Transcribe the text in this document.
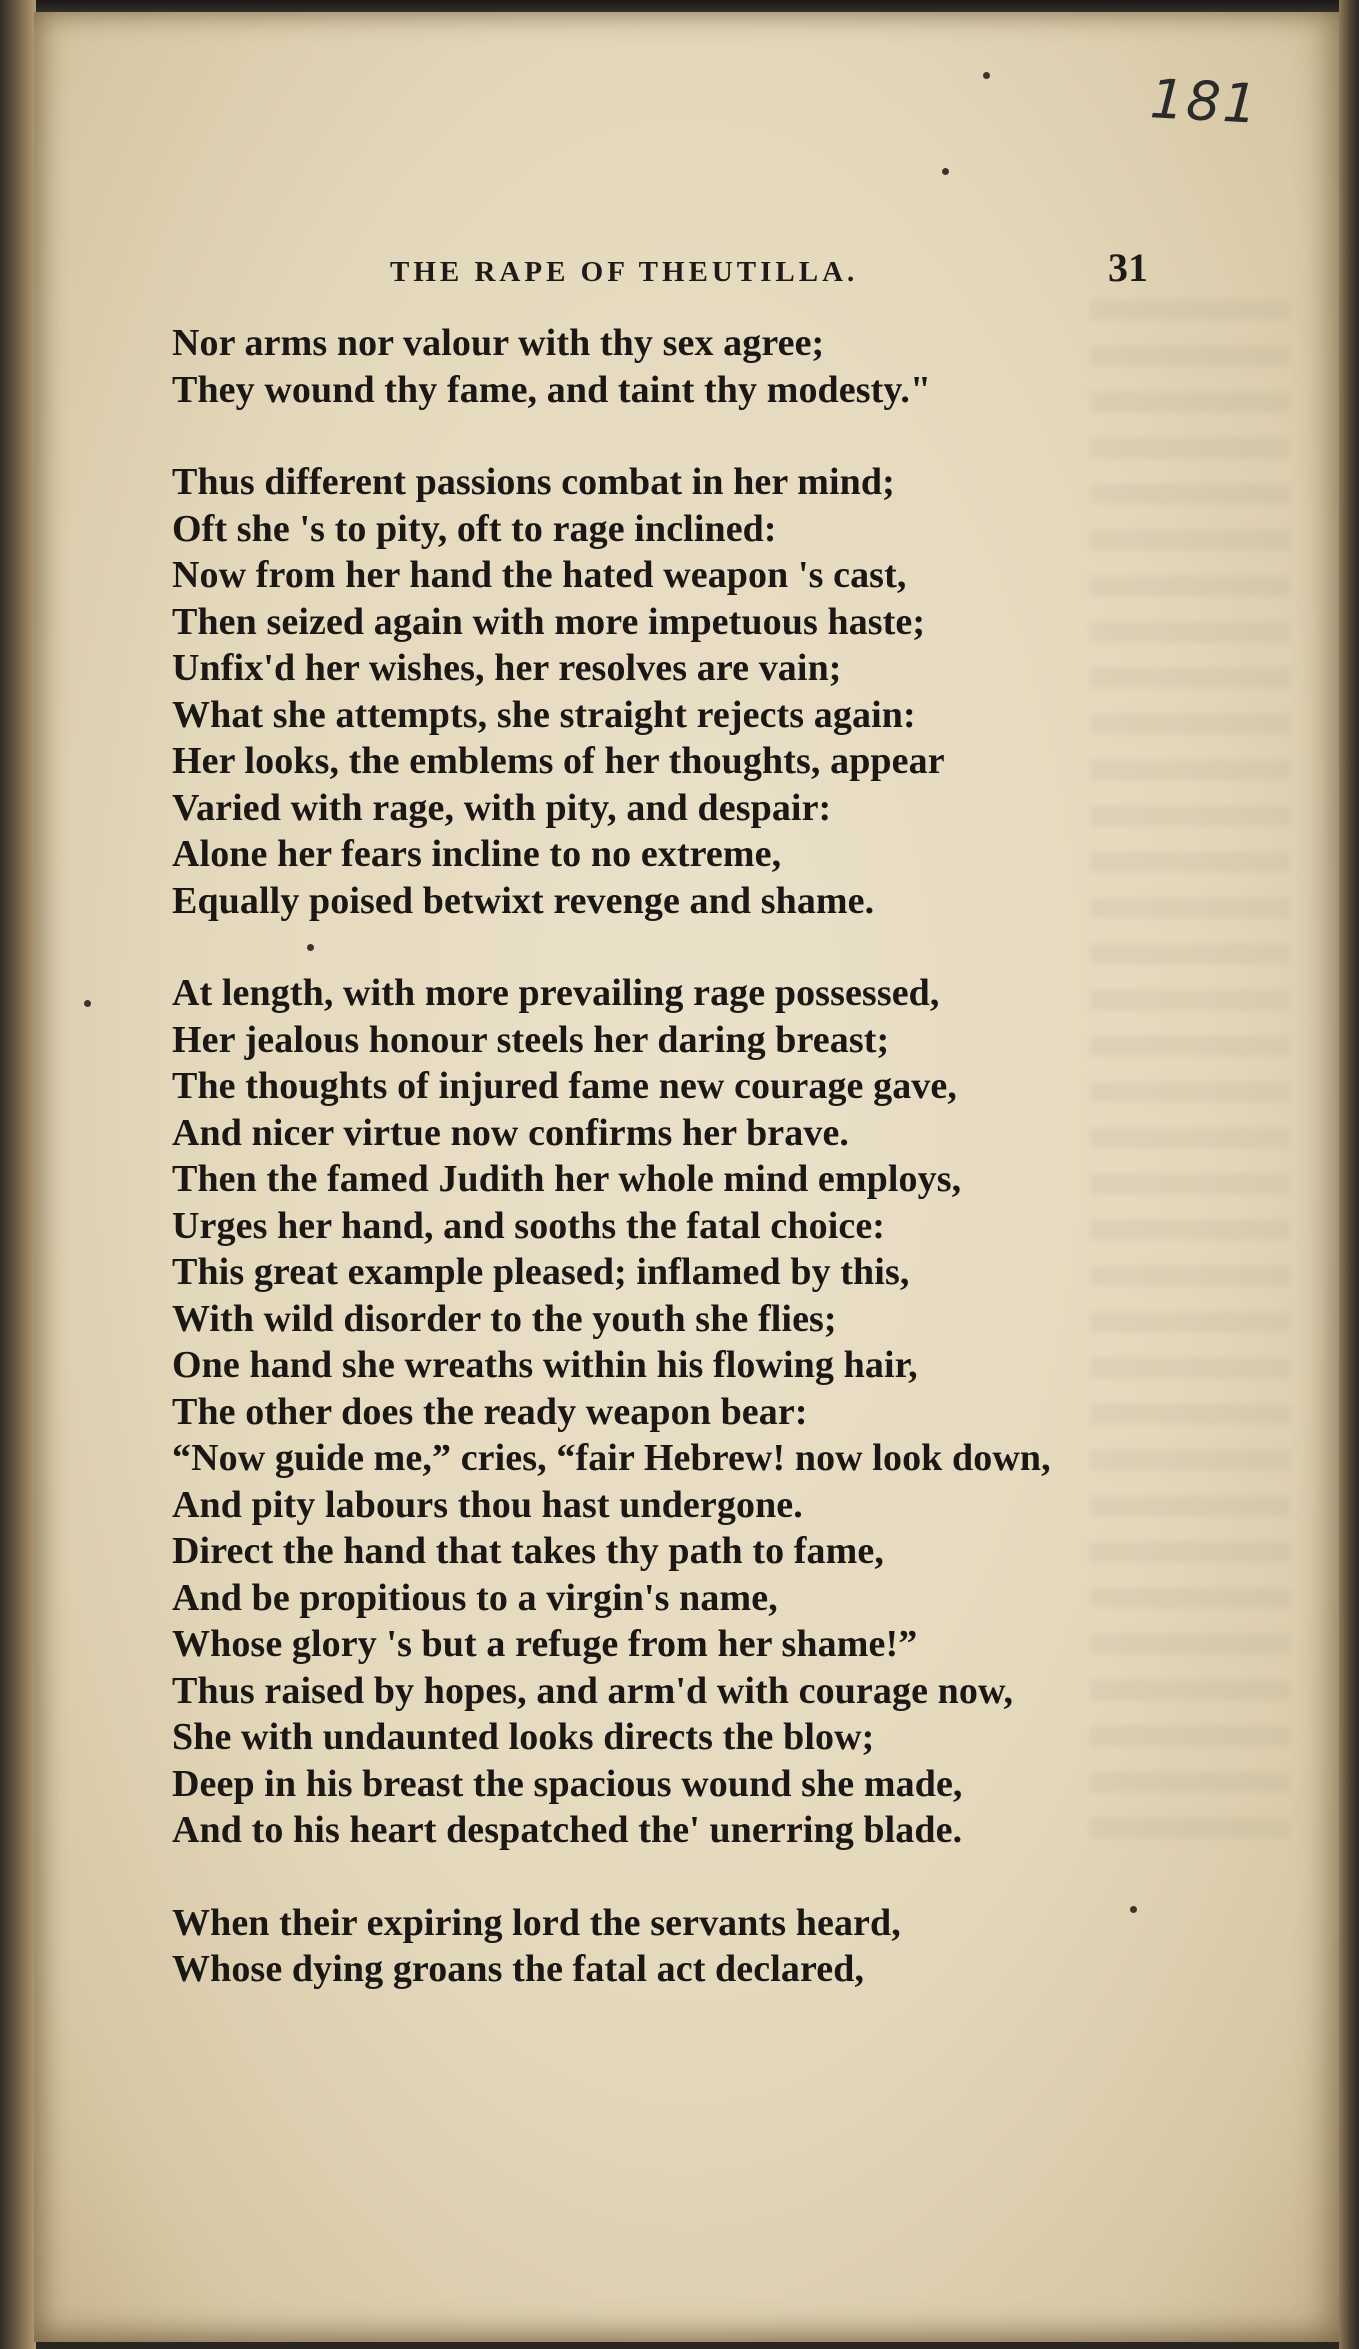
181
THE RAPE OF THEUTILLA.	31
Nor arms nor valour with thy sex agree;
They wound thy fame, and taint thy modesty."
Thus different passions combat in her mind;
Oft she 's to pity, oft to rage inclined:
Now from her hand the hated weapon 's cast,
Then seized again with more impetuous haste;
Unfix'd her wishes, her resolves are vain;
What she attempts, she straight rejects again:
Her looks, the emblems of her thoughts, appear
Varied with rage, with pity, and despair:
Alone her fears incline to no extreme,
Equally poised betwixt revenge and shame.
At length, with more prevailing rage possessed,
Her jealous honour steels her daring breast;
The thoughts of injured fame new courage gave,
And nicer virtue now confirms her brave.
Then the famed Judith her whole mind employs,
Urges her hand, and sooths the fatal choice:
This great example pleased; inflamed by this,
With wild disorder to the youth she flies;
One hand she wreaths within his flowing hair,
The other does the ready weapon bear:
“Now guide me,” cries, “fair Hebrew! now look down,
And pity labours thou hast undergone.
Direct the hand that takes thy path to fame,
And be propitious to a virgin's name,
Whose glory 's but a refuge from her shame!”
Thus raised by hopes, and arm'd with courage now,
She with undaunted looks directs the blow;
Deep in his breast the spacious wound she made,
And to his heart despatched the' unerring blade.
When their expiring lord the servants heard,
Whose dying groans the fatal act declared,
